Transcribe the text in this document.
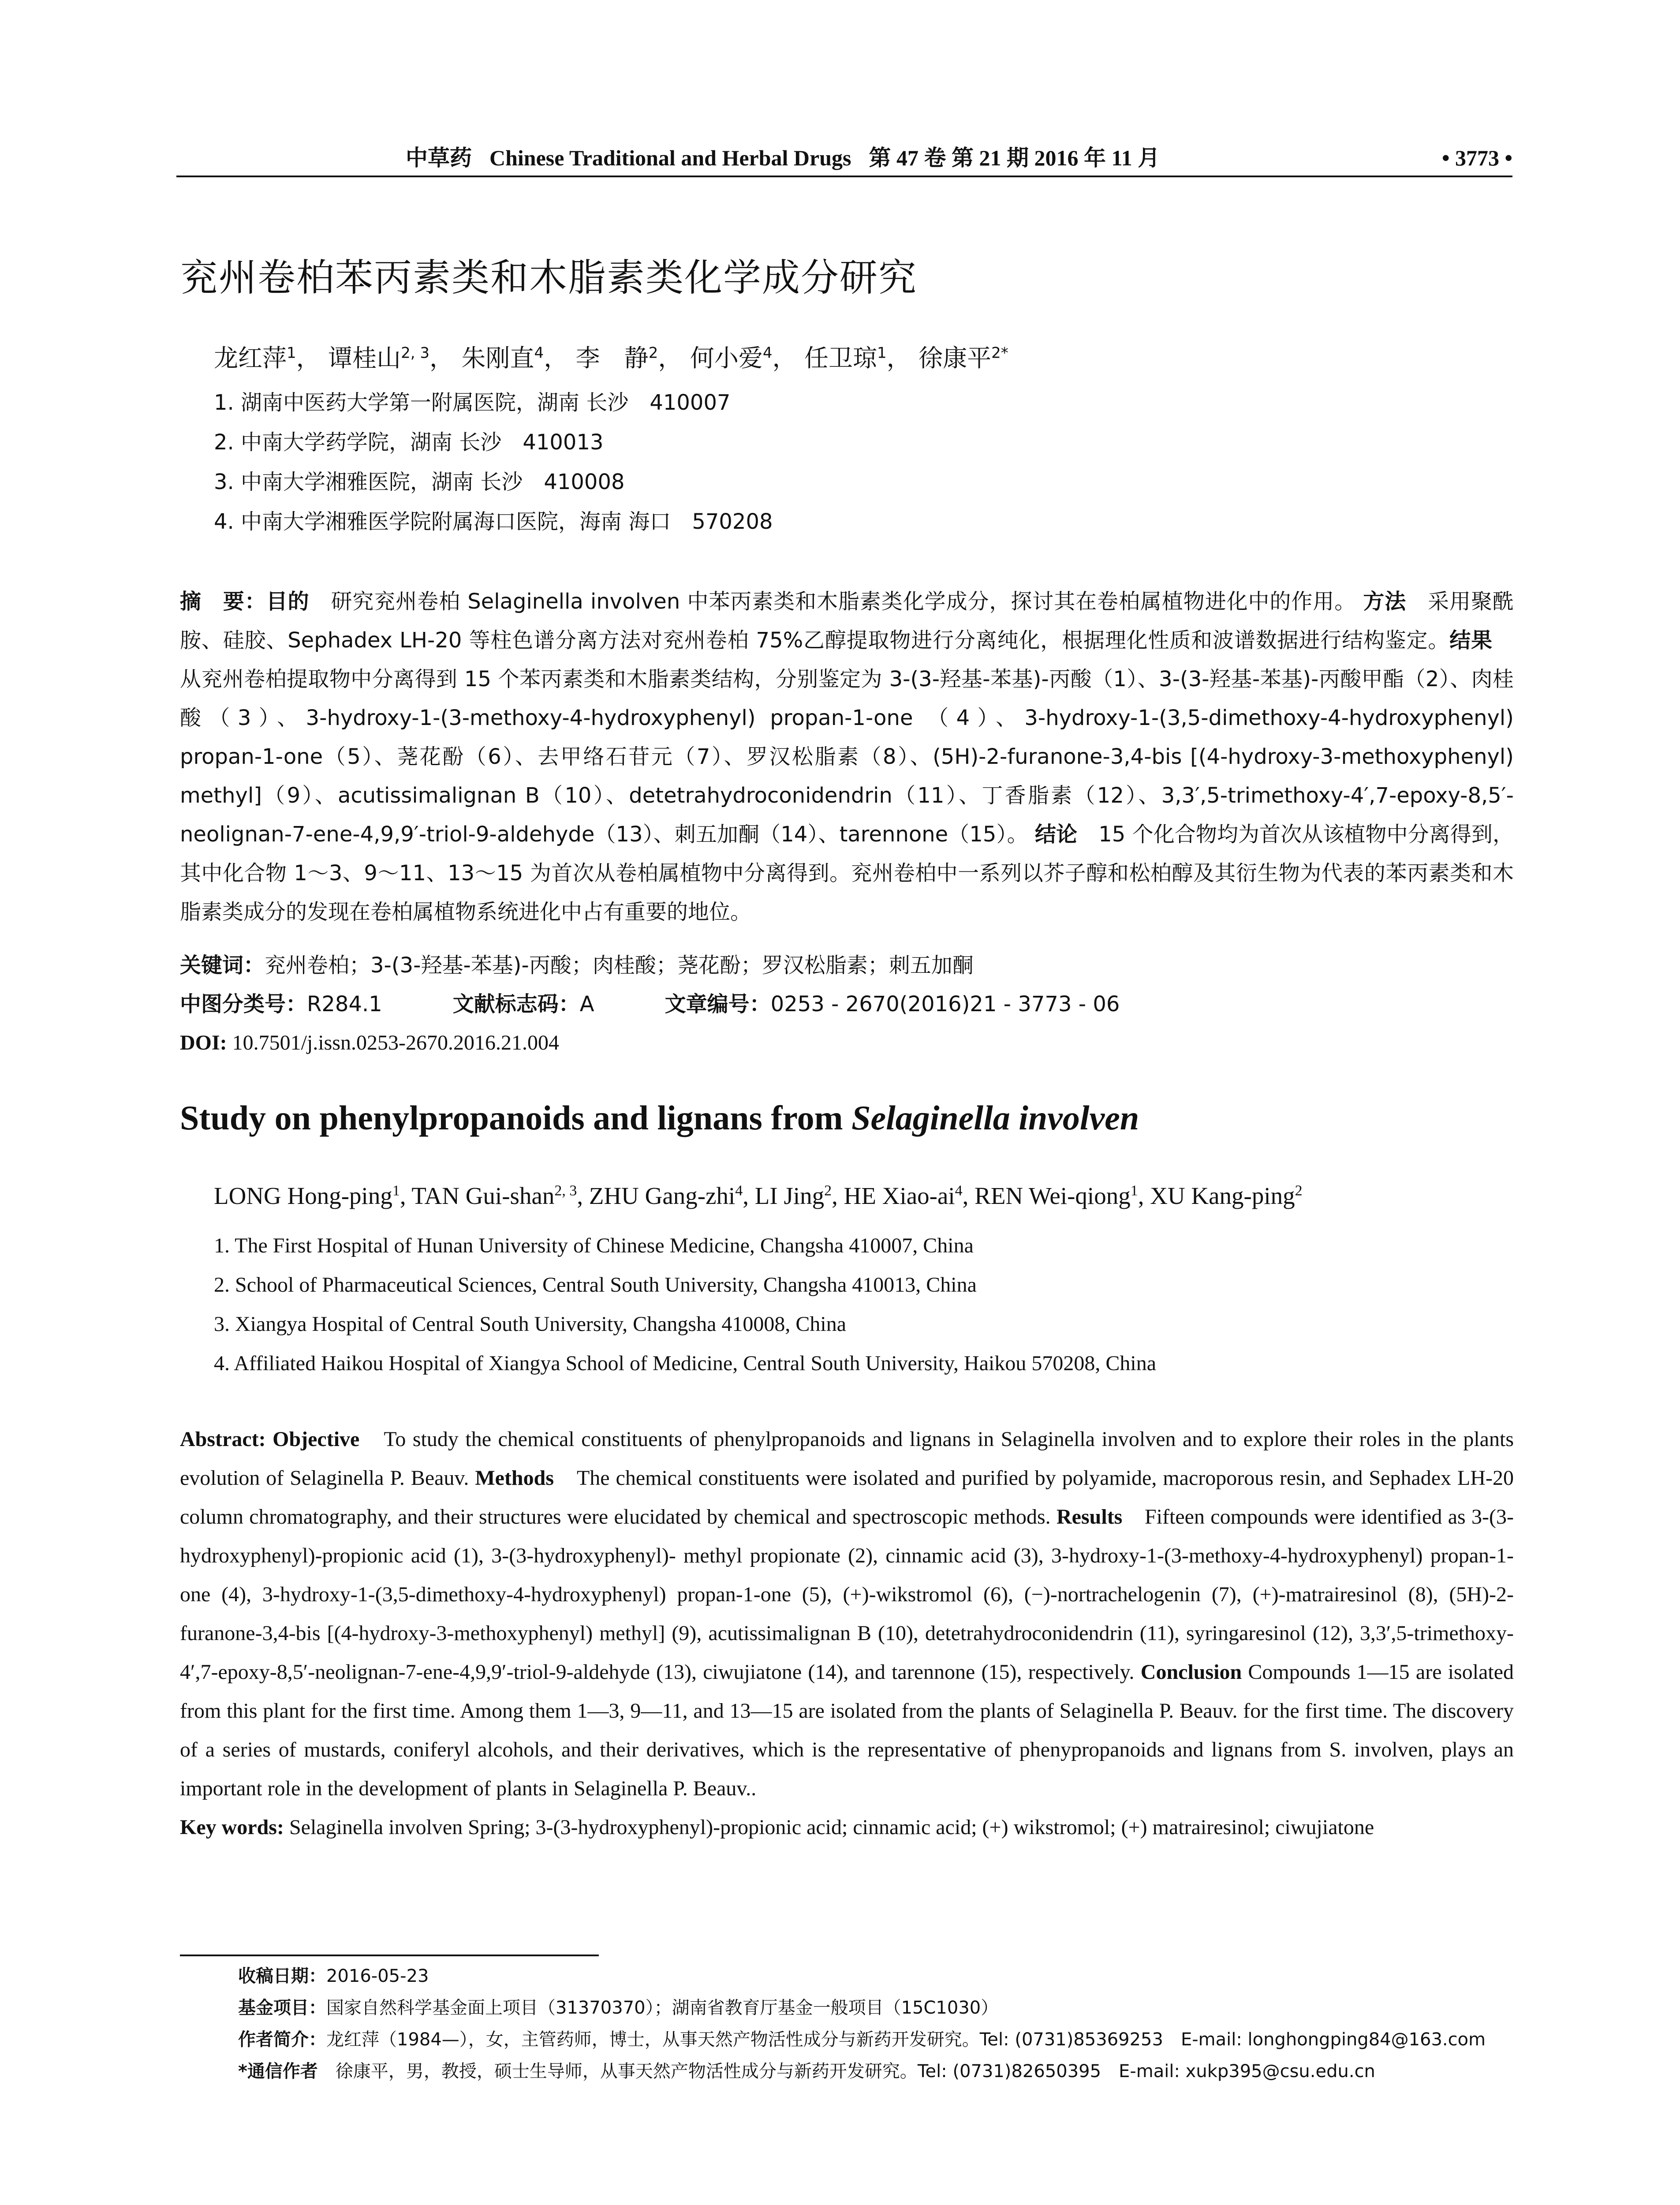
中草药 Chinese Traditional and Herbal Drugs 第 47 卷 第 21 期 2016 年 11 月	• 3773 •
兖州卷柏苯丙素类和木脂素类化学成分研究
龙红萍$^1$， 谭桂山$^{2, 3}$， 朱刚直$^4$， 李　静$^2$， 何小爱$^4$， 任卫琼$^1$， 徐康平$^{2*}$
1. 湖南中医药大学第一附属医院，湖南 长沙　410007
2. 中南大学药学院，湖南 长沙　410013
3. 中南大学湘雅医院，湖南 长沙　410008
4. 中南大学湘雅医学院附属海口医院，海南 海口　570208
摘　要：目的　研究兖州卷柏 Selaginella involven 中苯丙素类和木脂素类化学成分，探讨其在卷柏属植物进化中的作用。 方法　采用聚酰胺、硅胶、Sephadex LH-20 等柱色谱分离方法对兖州卷柏 75%乙醇提取物进行分离纯化，根据理化性质和波谱数据进行结构鉴定。结果　从兖州卷柏提取物中分离得到 15 个苯丙素类和木脂素类结构，分别鉴定为 3-(3-羟基-苯基)-丙酸（1）、3-(3-羟基-苯基)-丙酸甲酯（2）、肉桂酸（3）、3-hydroxy-1-(3-methoxy-4-hydroxyphenyl) propan-1-one （4）、3-hydroxy-1-(3,5-dimethoxy-4-hydroxyphenyl) propan-1-one（5）、荛花酚（6）、去甲络石苷元（7）、罗汉松脂素（8）、(5H)-2-furanone-3,4-bis [(4-hydroxy-3-methoxyphenyl) methyl]（9）、acutissimalignan B（10）、detetrahydroconidendrin（11）、丁香脂素（12）、3,3′,5-trimethoxy-4′,7-epoxy-8,5′-neolignan-7-ene-4,9,9′-triol-9-aldehyde（13）、刺五加酮（14）、tarennone（15）。 结论　15 个化合物均为首次从该植物中分离得到，其中化合物 1～3、9～11、13～15 为首次从卷柏属植物中分离得到。兖州卷柏中一系列以芥子醇和松柏醇及其衍生物为代表的苯丙素类和木脂素类成分的发现在卷柏属植物系统进化中占有重要的地位。
关键词：兖州卷柏；3-(3-羟基-苯基)-丙酸；肉桂酸；荛花酚；罗汉松脂素；刺五加酮
中图分类号：R284.1	文献标志码：A	文章编号：0253 - 2670(2016)21 - 3773 - 06
DOI: 10.7501/j.issn.0253-2670.2016.21.004
Study on phenylpropanoids and lignans from Selaginella involven
LONG Hong-ping$^1$, TAN Gui-shan$^{2, 3}$, ZHU Gang-zhi$^4$, LI Jing$^2$, HE Xiao-$ai^4$, REN Wei-qiong$^1$, XU Kang-ping$^2$
1. The First Hospital of Hunan University of Chinese Medicine, Changsha 410007, China
2. School of Pharmaceutical Sciences, Central South University, Changsha 410013, China
3. Xiangya Hospital of Central South University, Changsha 410008, China
4. Affiliated Haikou Hospital of Xiangya School of Medicine, Central South University, Haikou 570208, China
Abstract: Objective　To study the chemical constituents of phenylpropanoids and lignans in Selaginella involven and to explore their roles in the plants evolution of Selaginella P. Beauv. Methods　The chemical constituents were isolated and purified by polyamide, macroporous resin, and Sephadex LH-20 column chromatography, and their structures were elucidated by chemical and spectroscopic methods. Results　Fifteen compounds were identified as 3-(3-hydroxyphenyl)-propionic acid (1), 3-(3-hydroxyphenyl)- methyl propionate (2), cinnamic acid (3), 3-hydroxy-1-(3-methoxy-4-hydroxyphenyl) propan-1-one (4), 3-hydroxy-1-(3,5-dimethoxy-4-hydroxyphenyl) propan-1-one (5), (+)-wikstromol (6), (−)-nortrachelogenin (7), (+)-matrairesinol (8), (5H)-2-furanone-3,4-bis [(4-hydroxy-3-methoxyphenyl) methyl] (9), acutissimalignan B (10), detetrahydroconidendrin (11), syringaresinol (12), 3,3′,5-trimethoxy-4′,7-epoxy-8,5′-neolignan-7-ene-4,9,9′-triol-9-aldehyde (13), ciwujiatone (14), and tarennone (15), respectively. Conclusion Compounds 1—15 are isolated from this plant for the first time. Among them 1—3, 9—11, and 13—15 are isolated from the plants of Selaginella P. Beauv. for the first time. The discovery of a series of mustards, coniferyl alcohols, and their derivatives, which is the representative of phenypropanoids and lignans from S. involven, plays an important role in the development of plants in Selaginella P. Beauv..
Key words: Selaginella involven Spring; 3-(3-hydroxyphenyl)-propionic acid; cinnamic acid; (+) wikstromol; (+) matrairesinol; ciwujiatone
收稿日期：2016-05-23
基金项目：国家自然科学基金面上项目（31370370）；湖南省教育厅基金一般项目（15C1030）
作者简介：龙红萍（1984—），女，主管药师，博士，从事天然产物活性成分与新药开发研究。Tel: (0731)85369253　E-mail: longhongping84@163.com
*通信作者　徐康平，男，教授，硕士生导师，从事天然产物活性成分与新药开发研究。Tel: (0731)82650395　E-mail: xukp395@csu.edu.cn
